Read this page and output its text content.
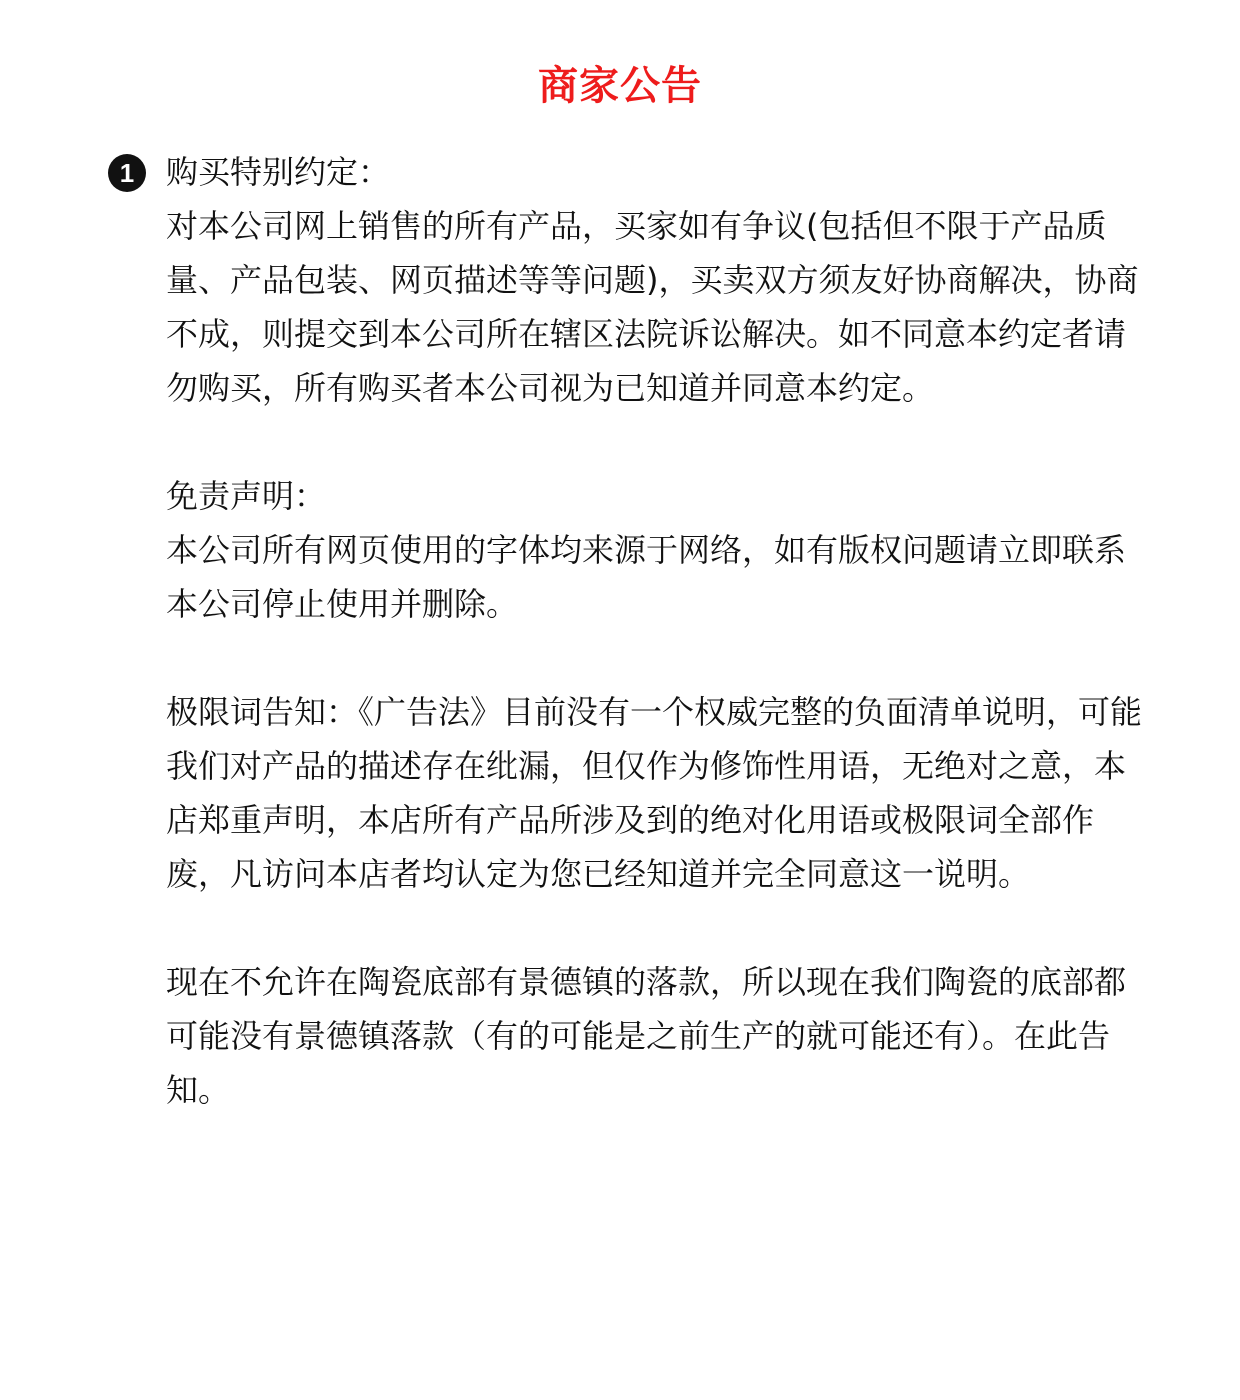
商家公告
1 购买特别约定：
对本公司网上销售的所有产品，买家如有争议(包括但不限于产品质量、产品包装、网页描述等等问题)，买卖双方须友好协商解决，协商不成，则提交到本公司所在辖区法院诉讼解决。如不同意本约定者请勿购买，所有购买者本公司视为已知道并同意本约定。
免责声明：
本公司所有网页使用的字体均来源于网络，如有版权问题请立即联系本公司停止使用并删除。
极限词告知：《广告法》目前没有一个权威完整的负面清单说明，可能我们对产品的描述存在纰漏，但仅作为修饰性用语，无绝对之意，本店郑重声明，本店所有产品所涉及到的绝对化用语或极限词全部作废，凡访问本店者均认定为您已经知道并完全同意这一说明。
现在不允许在陶瓷底部有景德镇的落款，所以现在我们陶瓷的底部都可能没有景德镇落款（有的可能是之前生产的就可能还有）。在此告知。
